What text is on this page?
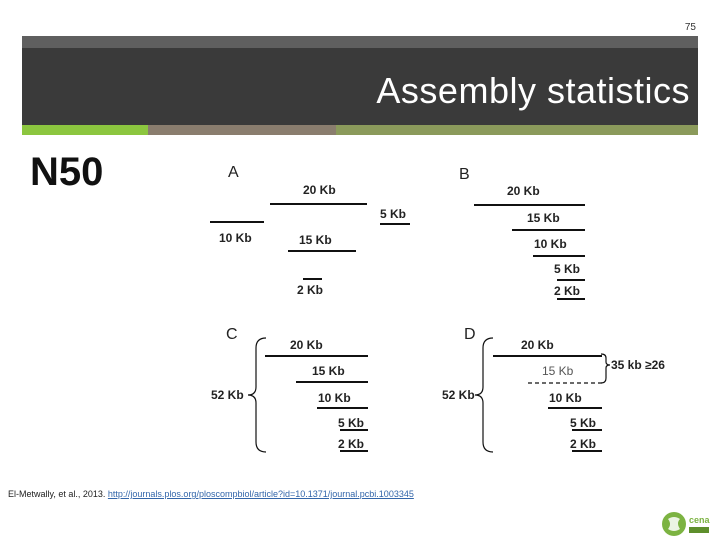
75
Assembly statistics
N50	A
20 Kb
5 Kb
10 Kb	15 Kb
2 Kb
B
20 Kb
15 Kb
10 Kb
5 Kb
2 Kb
C
52 Kb
20 Kb
15 Kb
10 Kb
5 Kb
2 Kb
D
52 Kb
20 Kb
15 Kb
10 Kb
5 Kb
2 Kb
35 kb ≥26
El-Metwally, et al., 2013. http://journals.plos.org/ploscompbiol/article?id=10.1371/journal.pcbi.1003345
cena
